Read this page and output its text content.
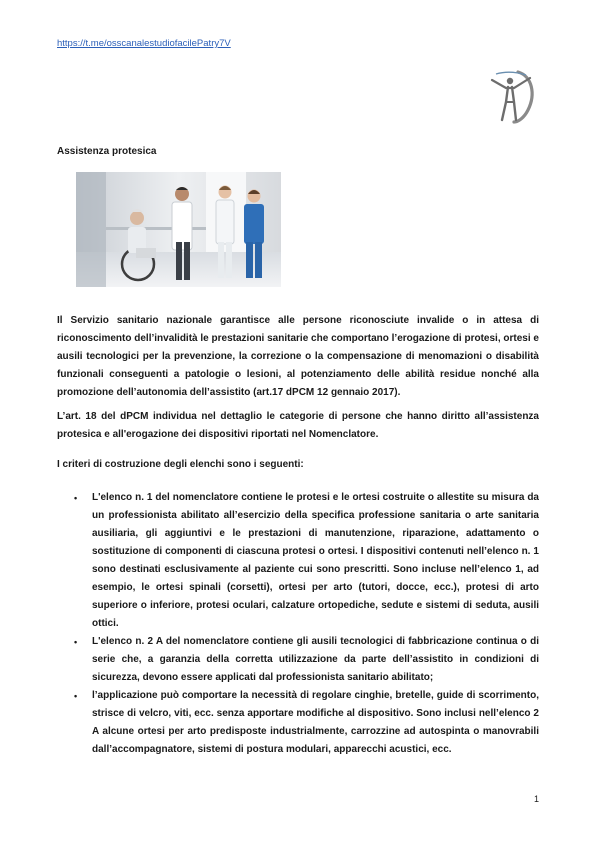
https://t.me/osscanalestudiofacilePatry7V
Assistenza protesica

Il Servizio sanitario nazionale garantisce alle persone riconosciute invalide o in attesa di riconoscimento dell’invalidità le prestazioni sanitarie che comportano l’erogazione di protesi, ortesi e ausili tecnologici per la prevenzione, la correzione o la compensazione di menomazioni o disabilità funzionali conseguenti a patologie o lesioni, al potenziamento delle abilità residue nonché alla promozione dell’autonomia dell’assistito (art.17 dPCM 12 gennaio 2017).

L’art. 18 del dPCM individua nel dettaglio le categorie di persone che hanno diritto all’assistenza protesica e all'erogazione dei dispositivi riportati nel Nomenclatore.

I criteri di costruzione degli elenchi sono i seguenti:

• L'elenco n. 1 del nomenclatore contiene le protesi e le ortesi costruite o allestite su misura da un professionista abilitato all’esercizio della specifica professione sanitaria o arte sanitaria ausiliaria, gli aggiuntivi e le prestazioni di manutenzione, riparazione, adattamento o sostituzione di componenti di ciascuna protesi o ortesi. I dispositivi contenuti nell’elenco n. 1 sono destinati esclusivamente al paziente cui sono prescritti. Sono incluse nell’elenco 1, ad esempio, le ortesi spinali (corsetti), ortesi per arto (tutori, docce, ecc.), protesi di arto superiore o inferiore, protesi oculari, calzature ortopediche, sedute e sistemi di seduta, ausili ottici.
• L'elenco n. 2 A del nomenclatore contiene gli ausili tecnologici di fabbricazione continua o di serie che, a garanzia della corretta utilizzazione da parte dell’assistito in condizioni di sicurezza, devono essere applicati dal professionista sanitario abilitato;
• l’applicazione può comportare la necessità di regolare cinghie, bretelle, guide di scorrimento, strisce di velcro, viti, ecc. senza apportare modifiche al dispositivo. Sono inclusi nell’elenco 2 A alcune ortesi per arto predisposte industrialmente, carrozzine ad autospinta o manovrabili dall’accompagnatore, sistemi di postura modulari, apparecchi acustici, ecc.
1
